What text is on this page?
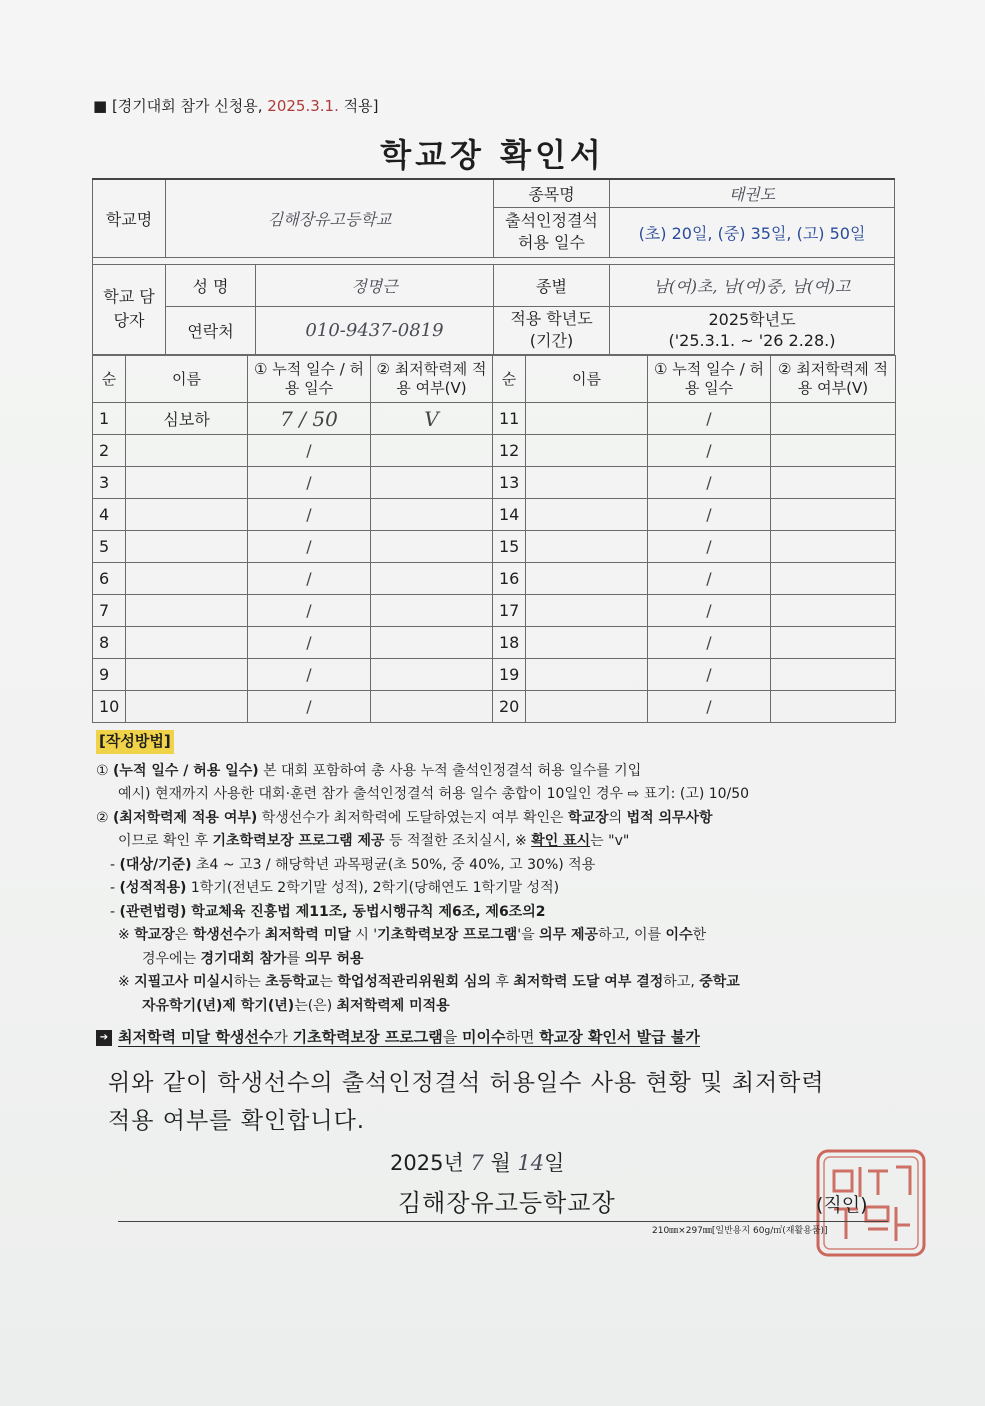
■ [경기대회 참가 신청용, 2025.3.1. 적용]
학교장 확인서
학교명	김해장유고등학교		종목명	태권도
			출석인정결석 허용 일수	(초) 20일, (중) 35일, (고) 50일

학교 담당자	성 명	정명근	종별	남(여)초, 남(여)중, 남(여)고
	연락처	010-9437-0819	적용 학년도 (기간)	2025학년도
('25.3.1. ~ '26 2.28.)
순	이름	① 누적 일수 / 허용 일수	② 최저학력제 적용 여부(V)	순	이름	① 누적 일수 / 허용 일수	② 최저학력제 적용 여부(V)
1	심보하	7 / 50	V	11		/	
2		/		12		/	
3		/		13		/	
4		/		14		/	
5		/		15		/	
6		/		16		/	
7		/		17		/	
8		/		18		/	
9		/		19		/	
10		/		20		/	
[작성방법]

① (누적 일수 / 허용 일수) 본 대회 포함하여 총 사용 누적 출석인정결석 허용 일수를 기입

예시) 현재까지 사용한 대회·훈련 참가 출석인정결석 허용 일수 총합이 10일인 경우 ⇨ 표기: (고) 10/50

② (최저학력제 적용 여부) 학생선수가 최저학력에 도달하였는지 여부 확인은 학교장의 법적 의무사항

이므로 확인 후 기초학력보장 프로그램 제공 등 적절한 조치실시, ※ 확인 표시는 "v"

- (대상/기준) 초4 ~ 고3 / 해당학년 과목평균(초 50%, 중 40%, 고 30%) 적용

- (성적적용) 1학기(전년도 2학기말 성적), 2학기(당해연도 1학기말 성적)

- (관련법령) 학교체육 진흥법 제11조, 동법시행규칙 제6조, 제6조의2

※ 학교장은 학생선수가 최저학력 미달 시 '기초학력보장 프로그램'을 의무 제공하고, 이를 이수한

경우에는 경기대회 참가를 의무 허용

※ 지필고사 미실시하는 초등학교는 학업성적관리위원회 심의 후 최저학력 도달 여부 결정하고, 중학교

자유학기(년)제 학기(년)는(은) 최저학력제 미적용

➔ 최저학력 미달 학생선수가 기초학력보장 프로그램을 미이수하면 학교장 확인서 발급 불가

위와 같이 학생선수의 출석인정결석 허용일수 사용 현황 및 최저학력

적용 여부를 확인합니다.

2025년 7 월 14일
김해장유고등학교장	(직인)
210㎜×297㎜[일반용지 60g/㎡(재활용품)]
